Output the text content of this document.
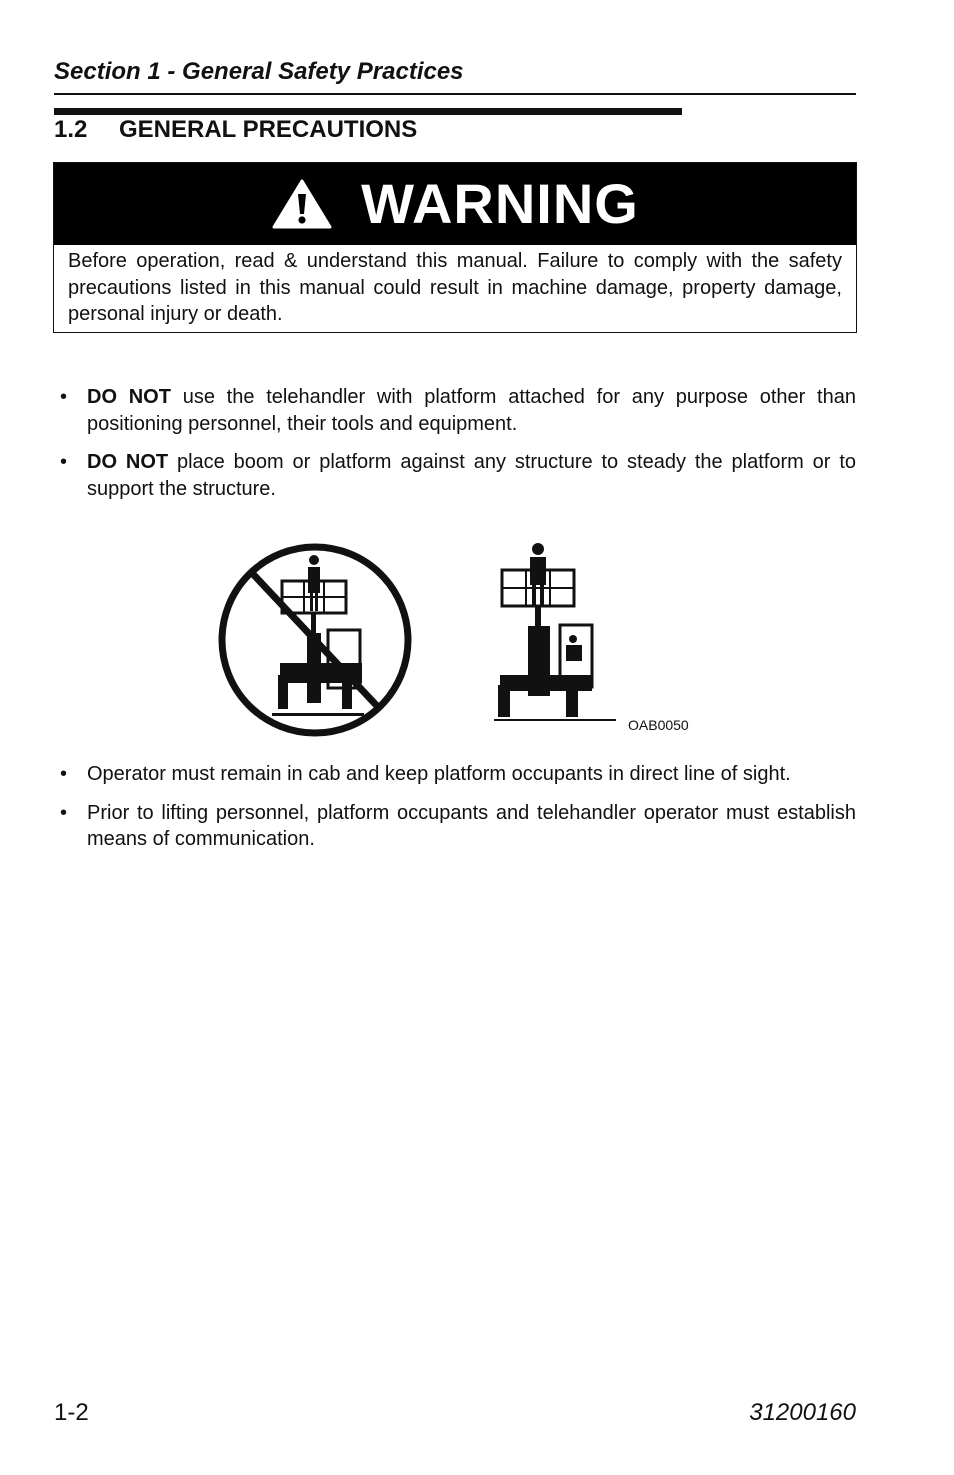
Section 1 - General Safety Practices
1.2 GENERAL PRECAUTIONS
WARNING
Before operation, read & understand this manual. Failure to comply with the safety precautions listed in this manual could result in machine damage, property damage, personal injury or death.
• DO NOT use the telehandler with platform attached for any purpose other than positioning personnel, their tools and equipment.
• DO NOT place boom or platform against any structure to steady the platform or to support the structure.
OAB0050
• Operator must remain in cab and keep platform occupants in direct line of sight.
• Prior to lifting personnel, platform occupants and telehandler operator must establish means of communication.
1-2	31200160
